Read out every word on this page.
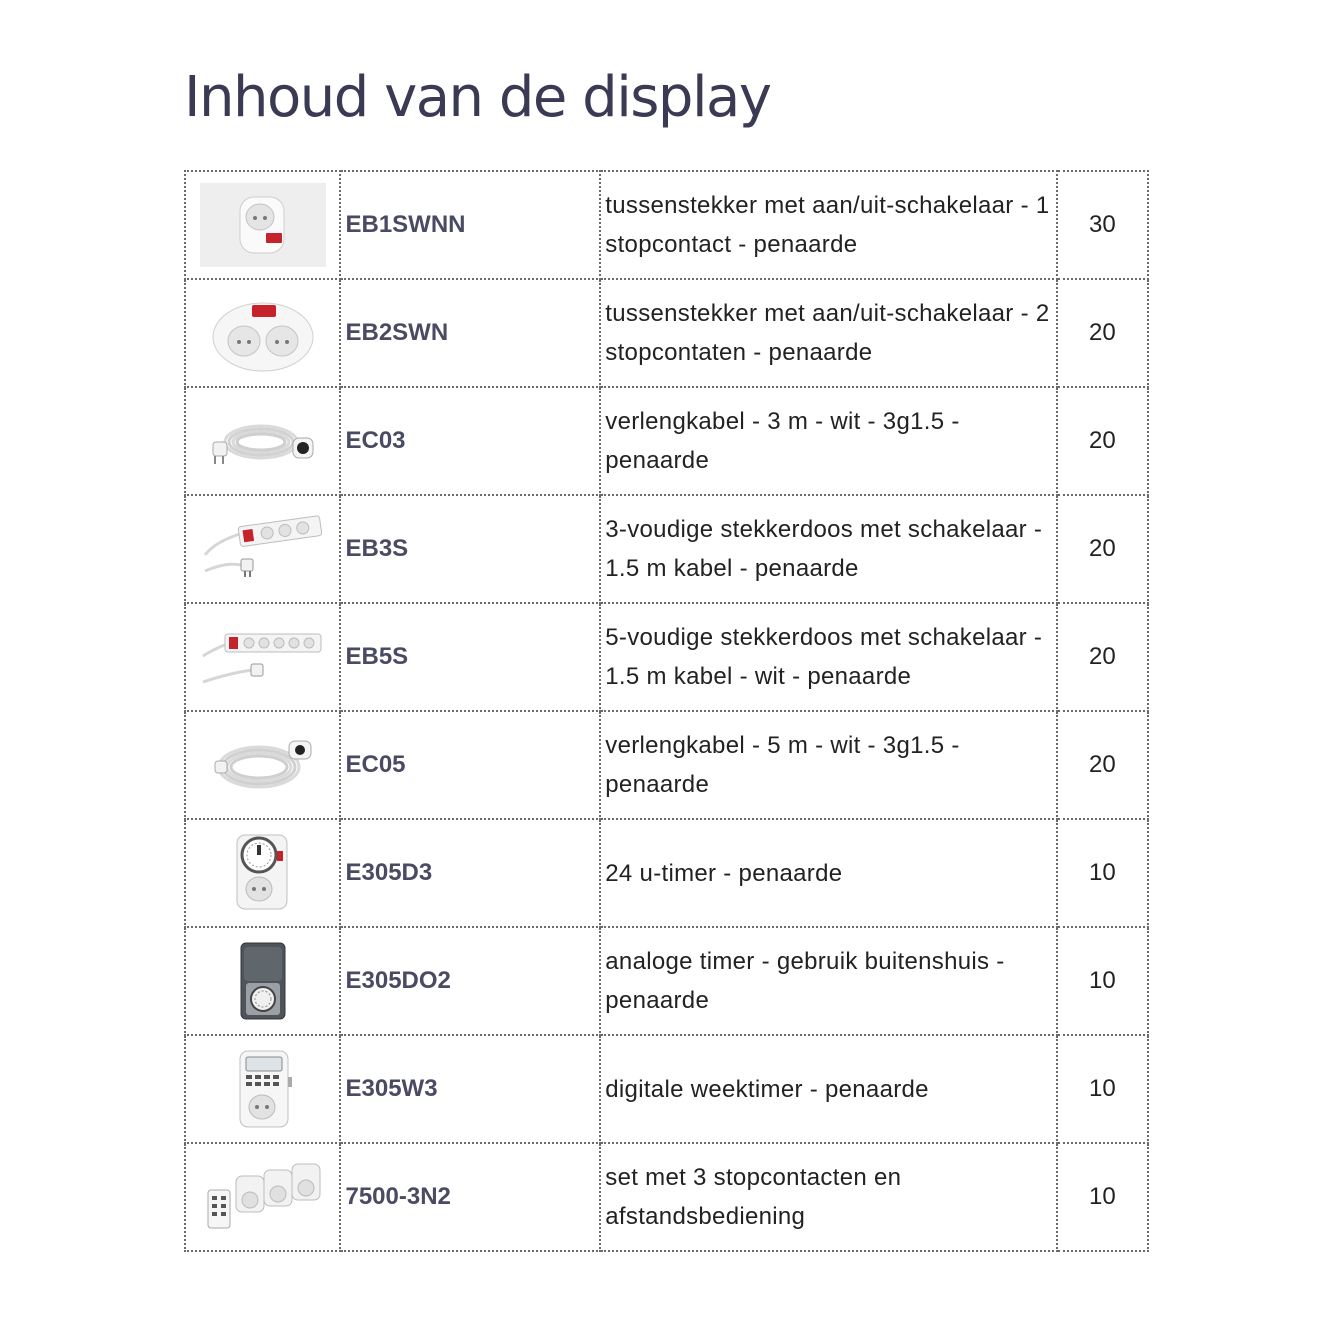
Inhoud van de display
	EB1SWNN	tussenstekker met aan/uit-schakelaar - 1 stopcontact - penaarde	30

	EB2SWN	tussenstekker met aan/uit-schakelaar - 2 stopcontaten - penaarde	20

	EC03	verlengkabel - 3 m - wit - 3g1.5 - penaarde	20

	EB3S	3-voudige stekkerdoos met schakelaar - 1.5 m kabel - penaarde	20

	EB5S	5-voudige stekkerdoos met schakelaar - 1.5 m kabel - wit - penaarde	20

	EC05	verlengkabel - 5 m - wit - 3g1.5 - penaarde	20

	E305D3	24 u-timer - penaarde	10

	E305DO2	analoge timer - gebruik buitenshuis - penaarde	10

	E305W3	digitale weektimer - penaarde	10

	7500-3N2	set met 3 stopcontacten en afstandsbediening	10
